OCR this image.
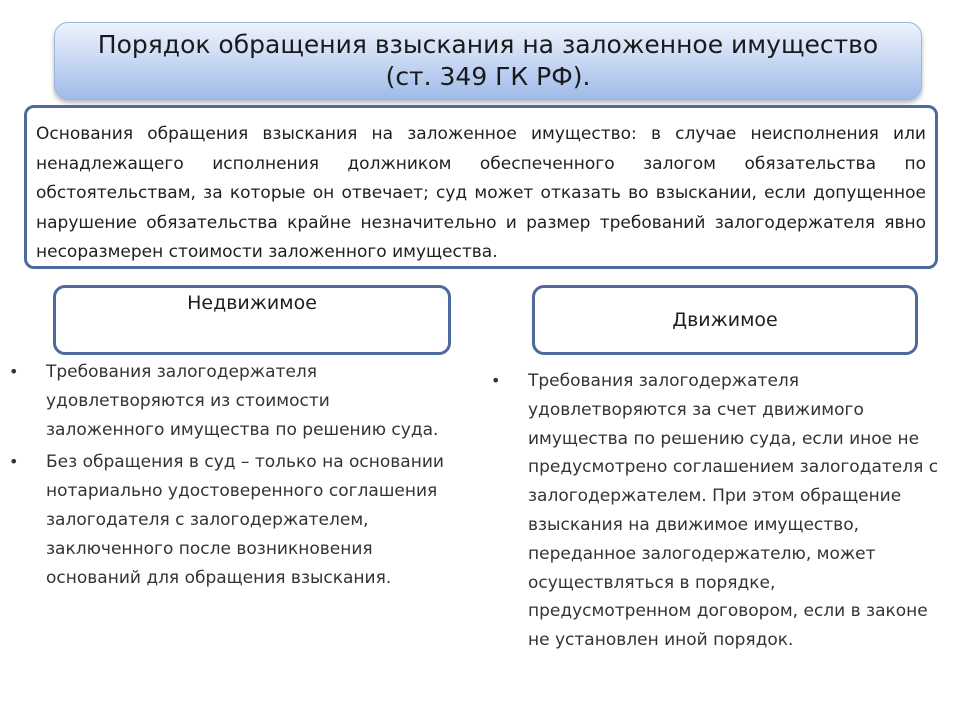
Порядок обращения взыскания на заложенное имущество
(ст. 349 ГК РФ).
Основания обращения взыскания на заложенное имущество: в случае неисполнения или ненадлежащего исполнения должником обеспеченного залогом обязательства по обстоятельствам, за которые он отвечает; суд может отказать во взыскании, если допущенное нарушение обязательства крайне незначительно и размер требований залогодержателя явно несоразмерен стоимости заложенного имущества.
Недвижимое
Движимое
• Требования залогодержателя удовлетворяются из стоимости заложенного имущества по решению суда.
• Без обращения в суд – только на основании нотариально удостоверенного соглашения залогодателя с залогодержателем, заключенного после возникновения оснований для обращения взыскания.
• Требования залогодержателя удовлетворяются за счет движимого имущества по решению суда, если иное не предусмотрено соглашением залогодателя с залогодержателем. При этом обращение взыскания на движимое имущество, переданное залогодержателю, может осуществляться в порядке, предусмотренном договором, если в законе не установлен иной порядок.
